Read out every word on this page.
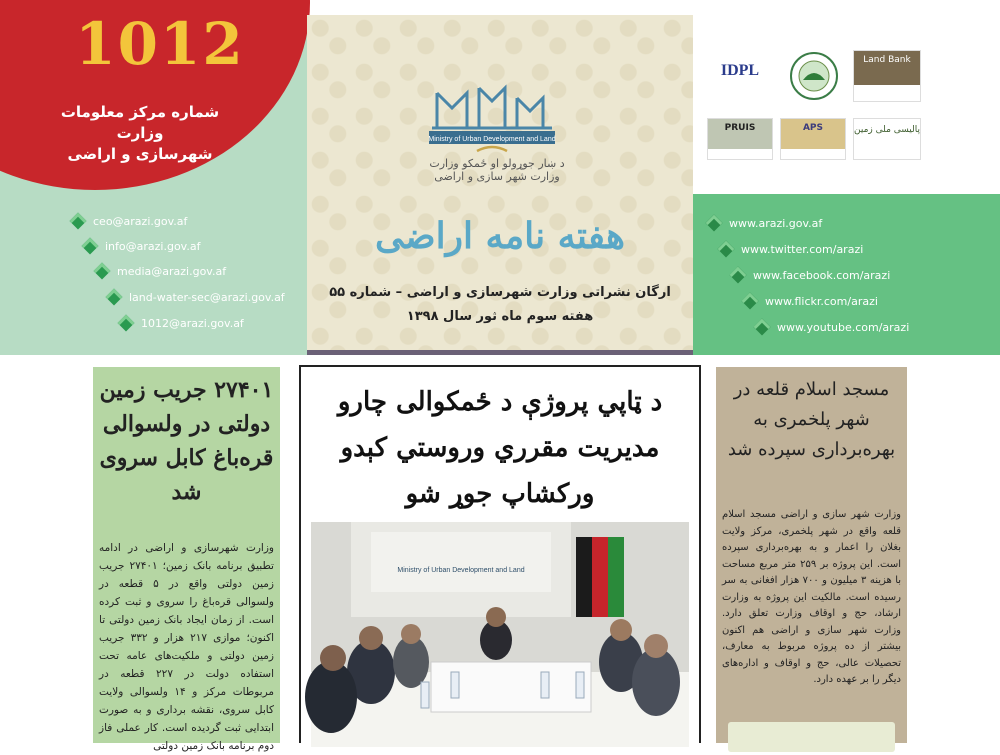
1012
شماره مرکز معلومات وزارت
شهرسازی و اراضی
ceo@arazi.gov.af
info@arazi.gov.af
media@arazi.gov.af
land-water-sec@arazi.gov.af
1012@arazi.gov.af
Ministry of Urban Development and Land
د ښار جوړولو او ځمکو وزارت
وزارت شهر سازی و اراضی
هفته نامه اراضی
ارگان نشراتی وزارت شهرسازی و اراضی – شماره ۵۵
هفته سوم ماه ثور سال ۱۳۹۸
IDPL
Land Bank
PRUIS	APS	پالیسی ملی زمین
www.arazi.gov.af
www.twitter.com/arazi
www.facebook.com/arazi
www.flickr.com/arazi
www.youtube.com/arazi
۲۷۴۰۱ جریب زمین دولتی در ولسوالی قره‌باغ کابل سروی شد
وزارت شهرسازی و اراضی در ادامه تطبیق برنامه بانک زمین؛ ۲۷۴۰۱ جریب زمین دولتی واقع در ۵ قطعه در ولسوالی قره‌باغ را سروی و ثبت کرده است. از زمان ایجاد بانک زمین دولتی تا اکنون؛ موازی ۲۱۷ هزار و ۳۳۲ جریب زمین دولتی و ملکیت‌های عامه تحت استفاده دولت در ۲۲۷ قطعه در مربوطات مرکز و ۱۴ ولسوالی ولایت کابل سروی، نقشه برداری و به صورت ابتدایی ثبت گردیده است. کار عملی فاز دوم برنامه بانک زمین دولتی
د ټاپي پروژې د ځمکوالی چارو مدیریت مقرري وروستي کېدو ورکشاپ جوړ شو
Ministry of Urban Development and Land
مسجد اسلام قلعه در شهر پلخمری به بهره‌برداری سپرده شد
وزارت شهر سازی و اراضی مسجد اسلام قلعه واقع در شهر پلخمری، مرکز ولایت بغلان را اعمار و به بهره‌برداری سپرده است. این پروژه بر ۲۵۹ متر مربع مساحت با هزینه ۳ میلیون و ۷۰۰ هزار افغانی به سر رسیده است. مالکیت این پروژه به وزارت ارشاد، حج و اوقاف وزارت تعلق دارد. وزارت شهر سازی و اراضی هم اکنون بیشتر از ده پروژه مربوط به معارف، تحصیلات عالی، حج و اوقاف و اداره‌های دیگر را بر عهده دارد.
